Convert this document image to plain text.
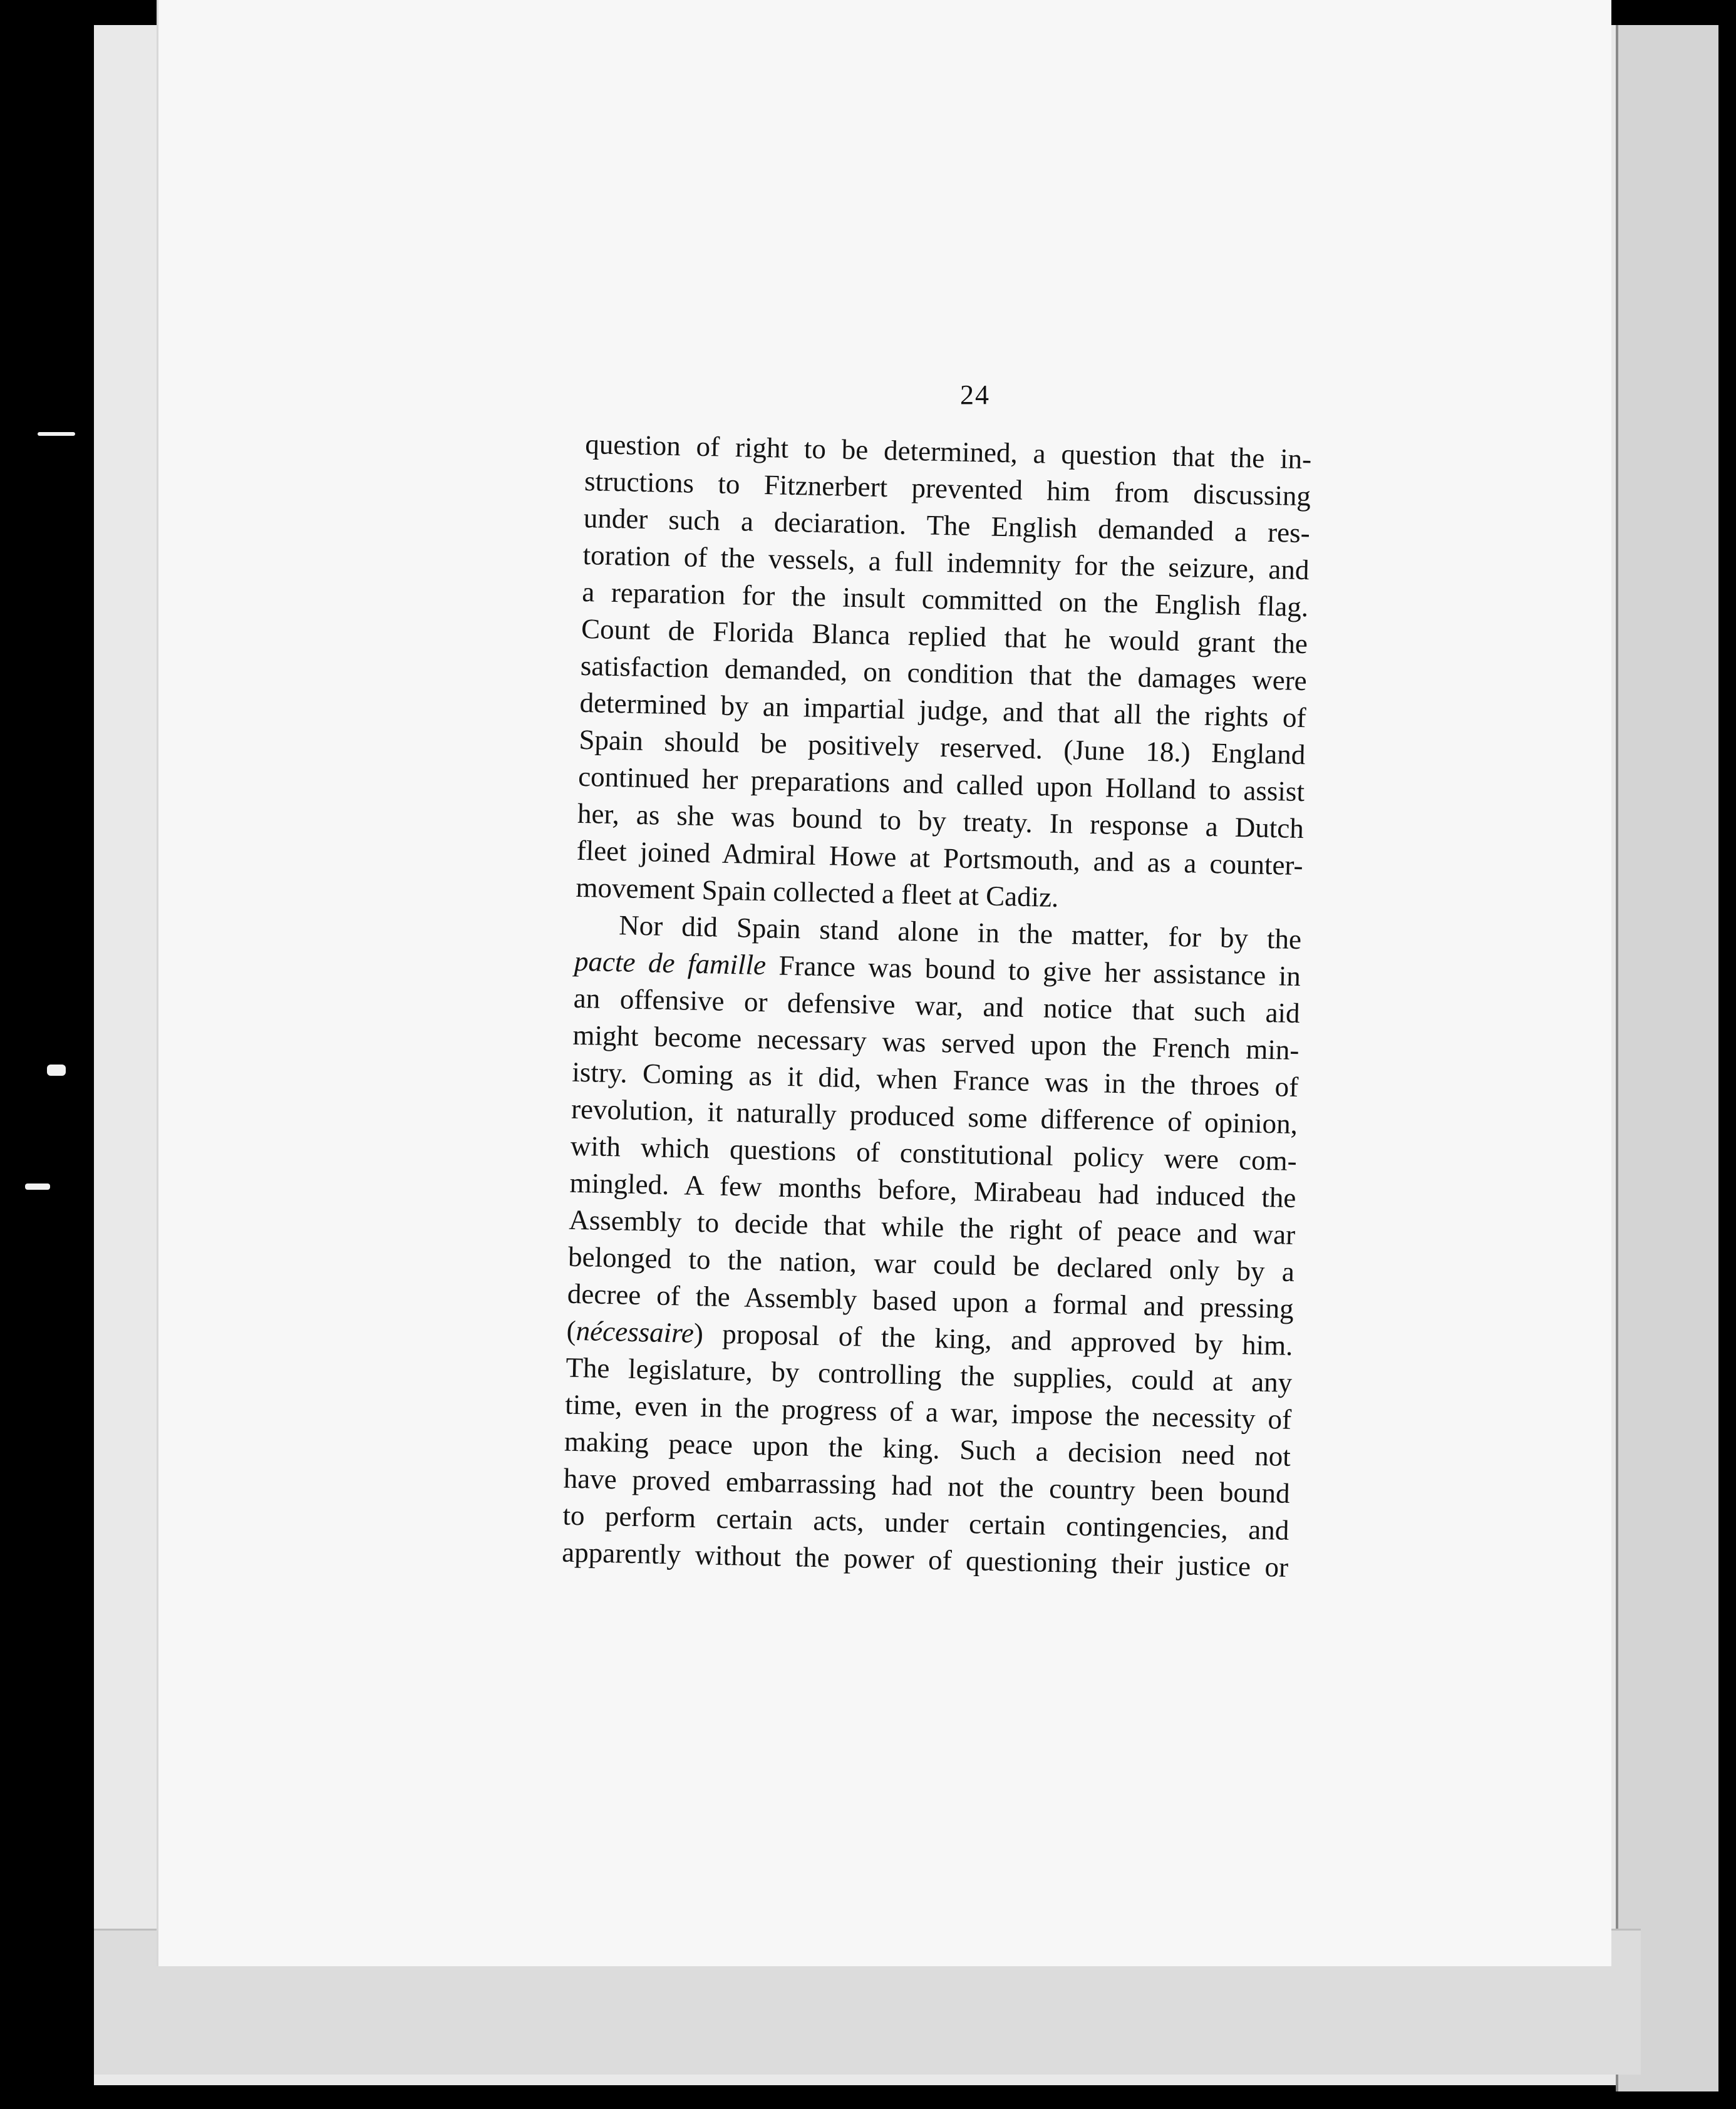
24
question of right to be determined, a question that the in-
structions to Fitznerbert prevented him from discussing
under such a deciaration. The English demanded a res-
toration of the vessels, a full indemnity for the seizure, and
a reparation for the insult committed on the English flag.
Count de Florida Blanca replied that he would grant the
satisfaction demanded, on condition that the damages were
determined by an impartial judge, and that all the rights of
Spain should be positively reserved. (June 18.) England
continued her preparations and called upon Holland to assist
her, as she was bound to by treaty. In response a Dutch
fleet joined Admiral Howe at Portsmouth, and as a counter-
movement Spain collected a fleet at Cadiz.
Nor did Spain stand alone in the matter, for by the
pacte de famille France was bound to give her assistance in
an offensive or defensive war, and notice that such aid
might become necessary was served upon the French min-
istry. Coming as it did, when France was in the throes of
revolution, it naturally produced some difference of opinion,
with which questions of constitutional policy were com-
mingled. A few months before, Mirabeau had induced the
Assembly to decide that while the right of peace and war
belonged to the nation, war could be declared only by a
decree of the Assembly based upon a formal and pressing
(nécessaire) proposal of the king, and approved by him.
The legislature, by controlling the supplies, could at any
time, even in the progress of a war, impose the necessity of
making peace upon the king. Such a decision need not
have proved embarrassing had not the country been bound
to perform certain acts, under certain contingencies, and
apparently without the power of questioning their justice or
